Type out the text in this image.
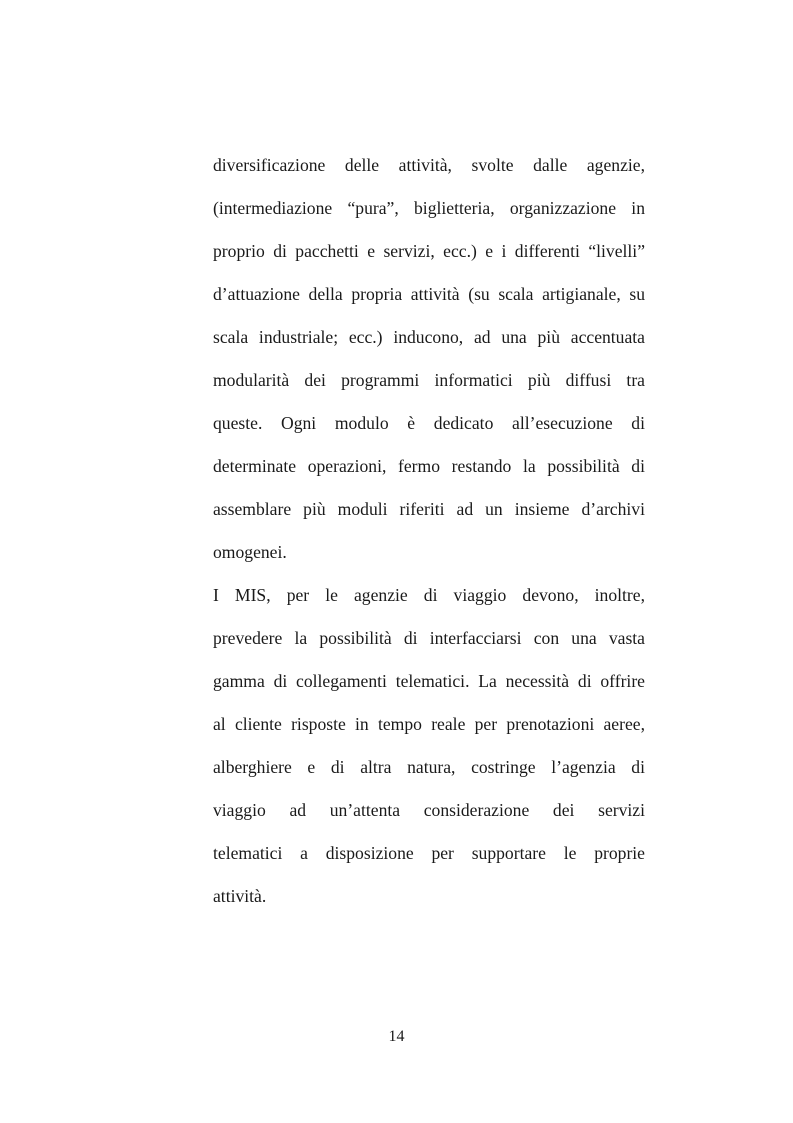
diversificazione delle attività, svolte dalle agenzie,
(intermediazione “pura”, biglietteria, organizzazione in
proprio di pacchetti e servizi, ecc.) e i differenti “livelli”
d’attuazione della propria attività (su scala artigianale, su
scala industriale; ecc.) inducono, ad una più accentuata
modularità dei programmi informatici più diffusi tra
queste. Ogni modulo è dedicato all’esecuzione di
determinate operazioni, fermo restando la possibilità di
assemblare più moduli riferiti ad un insieme d’archivi
omogenei.
I MIS, per le agenzie di viaggio devono, inoltre,
prevedere la possibilità di interfacciarsi con una vasta
gamma di collegamenti telematici. La necessità di offrire
al cliente risposte in tempo reale per prenotazioni aeree,
alberghiere e di altra natura, costringe l’agenzia di
viaggio ad un’attenta considerazione dei servizi
telematici a disposizione per supportare le proprie
attività.
14
